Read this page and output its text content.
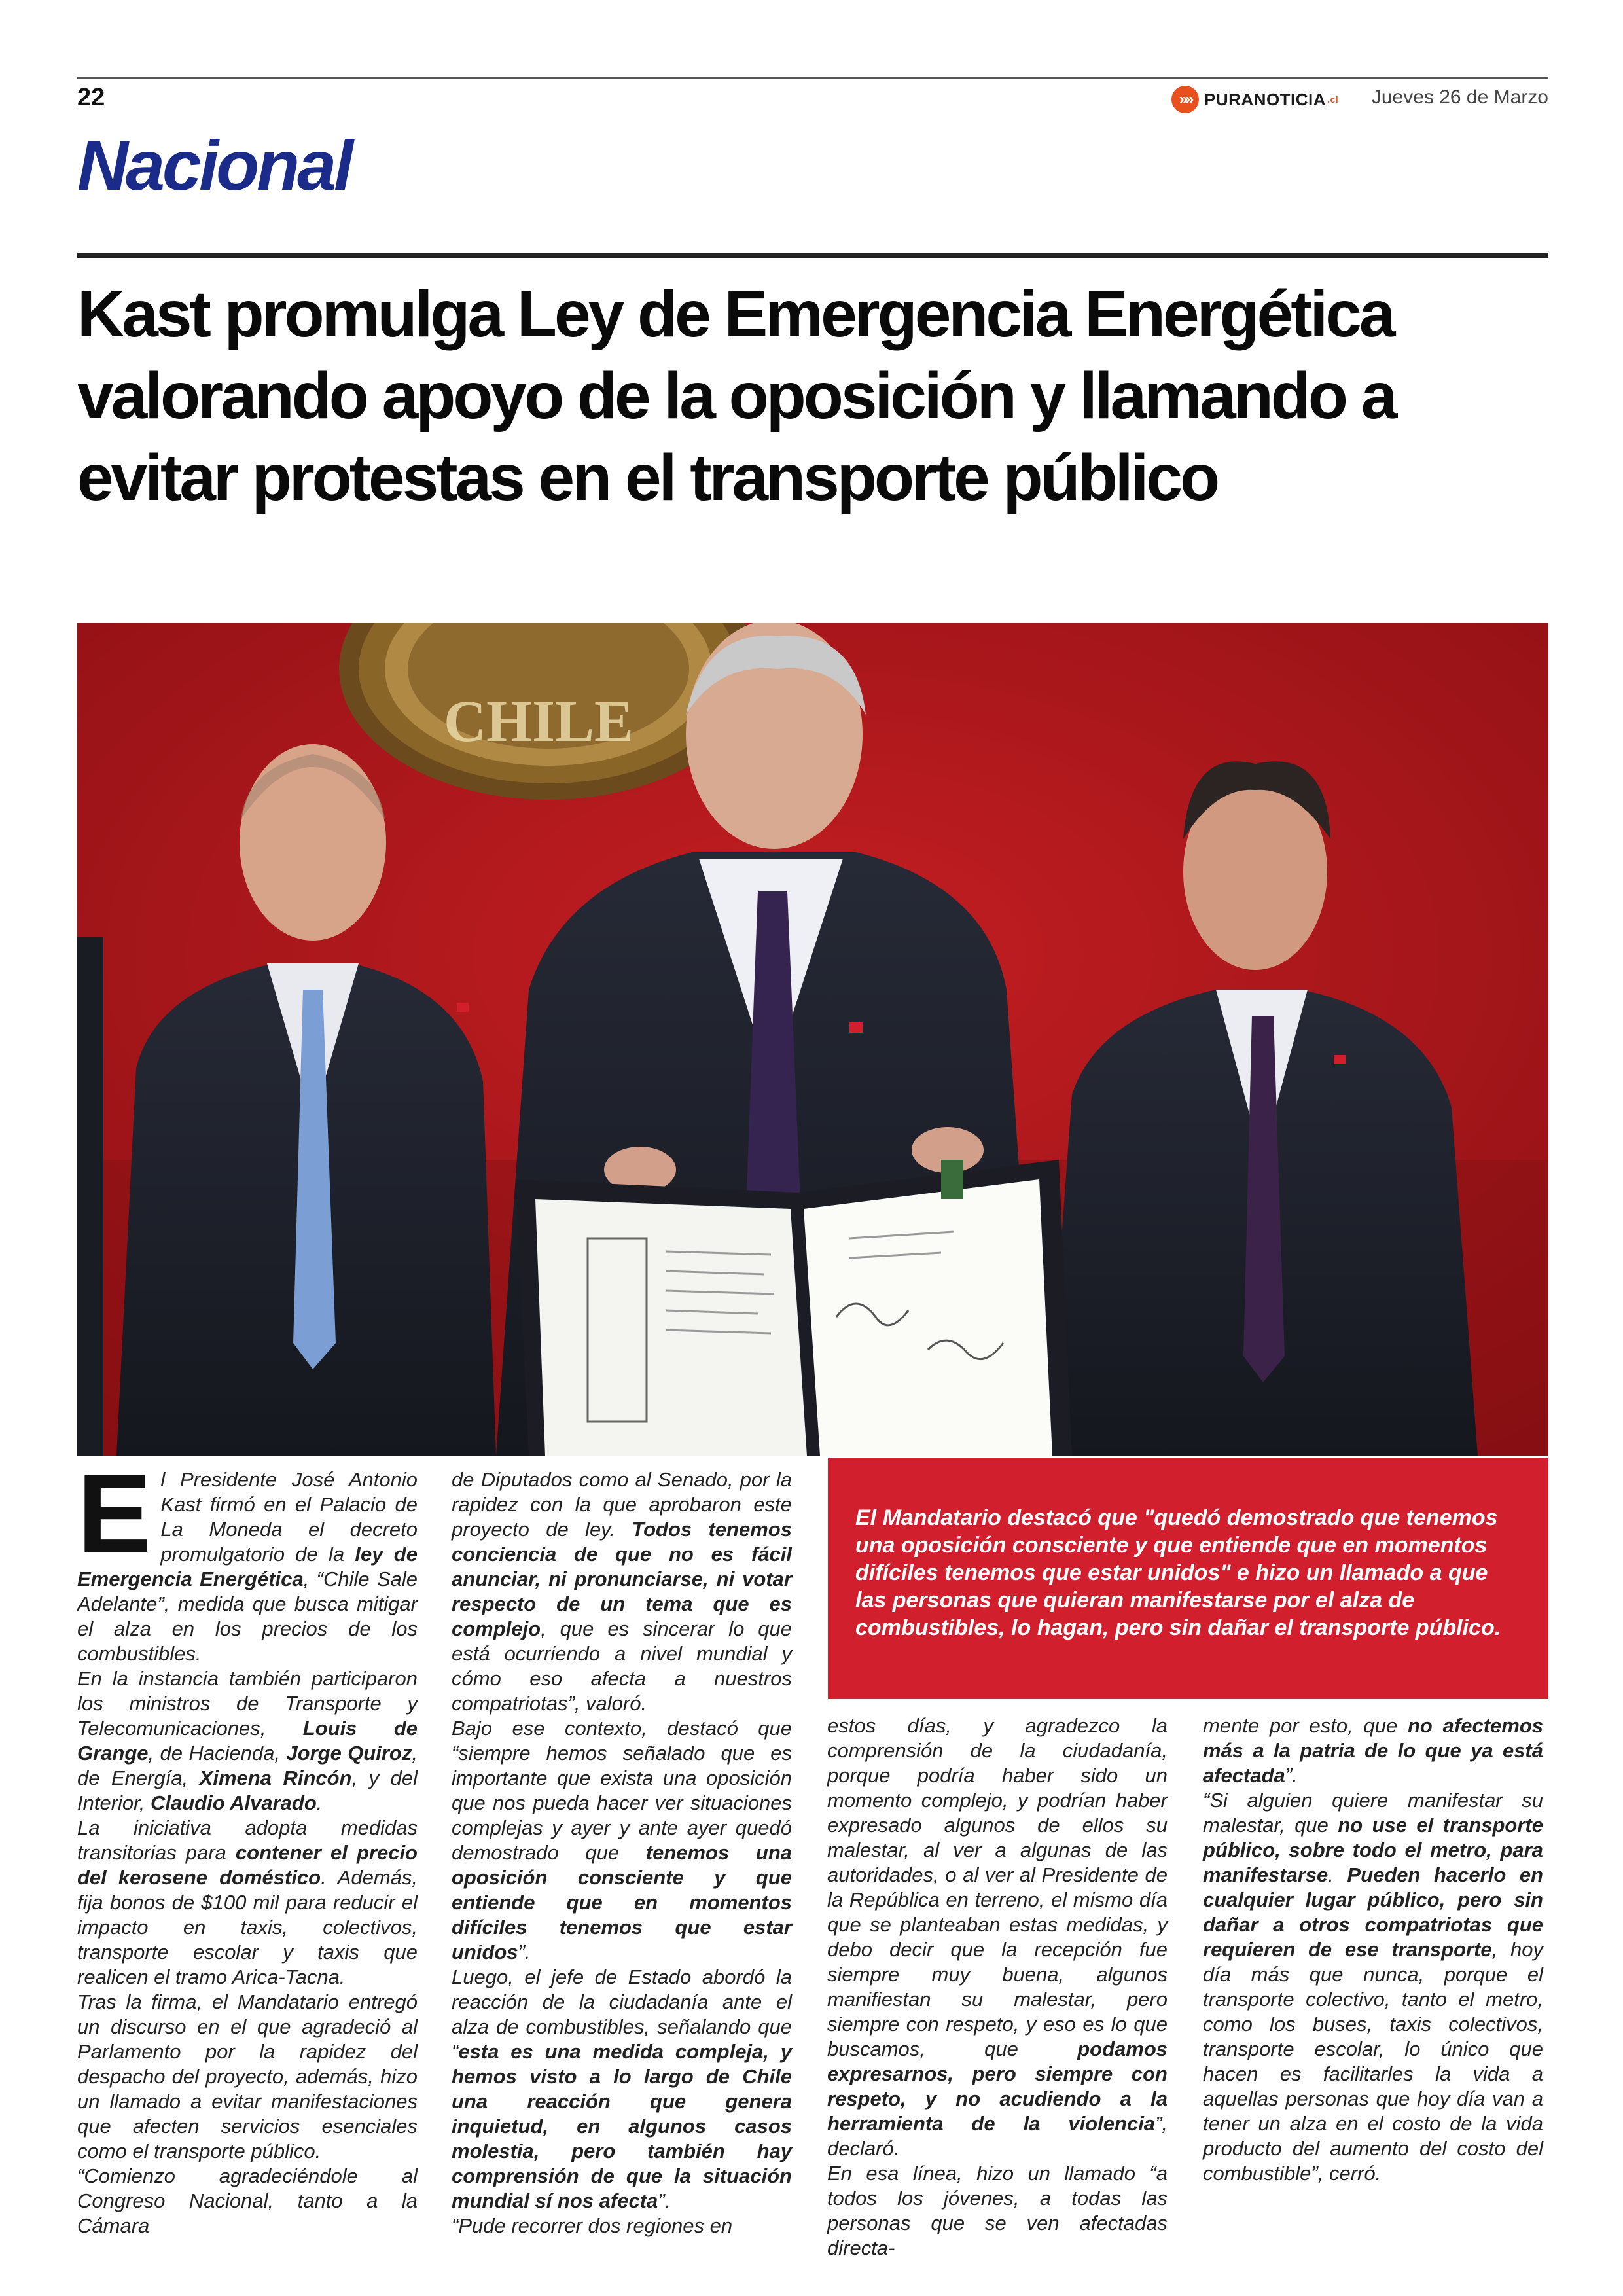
22	»» PURANOTICIA .cl Jueves 26 de Marzo
Nacional
Kast promulga Ley de Emergencia Energética valorando apoyo de la oposición y llamando a evitar protestas en el transporte público
CHILE
E l Presidente José Antonio Kast firmó en el Palacio de La Moneda el decreto promulgatorio de la ley de Emergencia Energética, “Chile Sale Adelante”, medida que busca mitigar el alza en los precios de los combustibles.

En la instancia también participaron los ministros de Transporte y Telecomunicaciones, Louis de Grange, de Hacienda, Jorge Quiroz, de Energía, Ximena Rincón, y del Interior, Claudio Alvarado.

La iniciativa adopta medidas transitorias para contener el precio del kerosene doméstico. Además, fija bonos de $100 mil para reducir el impacto en taxis, colectivos, transporte escolar y taxis que realicen el tramo Arica-Tacna.

Tras la firma, el Mandatario entregó un discurso en el que agradeció al Parlamento por la rapidez del despacho del proyecto, además, hizo un llamado a evitar manifestaciones que afecten servicios esenciales como el transporte público.

“Comienzo agradeciéndole al Congreso Nacional, tanto a la Cámara

de Diputados como al Senado, por la rapidez con la que aprobaron este proyecto de ley. Todos tenemos conciencia de que no es fácil anunciar, ni pronunciarse, ni votar respecto de un tema que es complejo, que es sincerar lo que está ocurriendo a nivel mundial y cómo eso afecta a nuestros compatriotas”, valoró.

Bajo ese contexto, destacó que “siempre hemos señalado que es importante que exista una oposición que nos pueda hacer ver situaciones complejas y ayer y ante ayer quedó demostrado que tenemos una oposición consciente y que entiende que en momentos difíciles tenemos que estar unidos”.

Luego, el jefe de Estado abordó la reacción de la ciudadanía ante el alza de combustibles, señalando que “esta es una medida compleja, y hemos visto a lo largo de Chile una reacción que genera inquietud, en algunos casos molestia, pero también hay comprensión de que la situación mundial sí nos afecta”.

“Pude recorrer dos regiones en

El Mandatario destacó que "quedó demostrado que tenemos una oposición consciente y que entiende que en momentos difíciles tenemos que estar unidos" e hizo un llamado a que las personas que quieran manifestarse por el alza de combustibles, lo hagan, pero sin dañar el transporte público.

estos días, y agradezco la comprensión de la ciudadanía, porque podría haber sido un momento complejo, y podrían haber expresado algunos de ellos su malestar, al ver a algunas de las autoridades, o al ver al Presidente de la República en terreno, el mismo día que se planteaban estas medidas, y debo decir que la recepción fue siempre muy buena, algunos manifiestan su malestar, pero siempre con respeto, y eso es lo que buscamos, que podamos expresarnos, pero siempre con respeto, y no acudiendo a la herramienta de la violencia”, declaró.

En esa línea, hizo un llamado “a todos los jóvenes, a todas las personas que se ven afectadas directa-

mente por esto, que no afectemos más a la patria de lo que ya está afectada”.

“Si alguien quiere manifestar su malestar, que no use el transporte público, sobre todo el metro, para manifestarse. Pueden hacerlo en cualquier lugar público, pero sin dañar a otros compatriotas que requieren de ese transporte, hoy día más que nunca, porque el transporte colectivo, tanto el metro, como los buses, taxis colectivos, transporte escolar, lo único que hacen es facilitarles la vida a aquellas personas que hoy día van a tener un alza en el costo de la vida producto del aumento del costo del combustible”, cerró.
